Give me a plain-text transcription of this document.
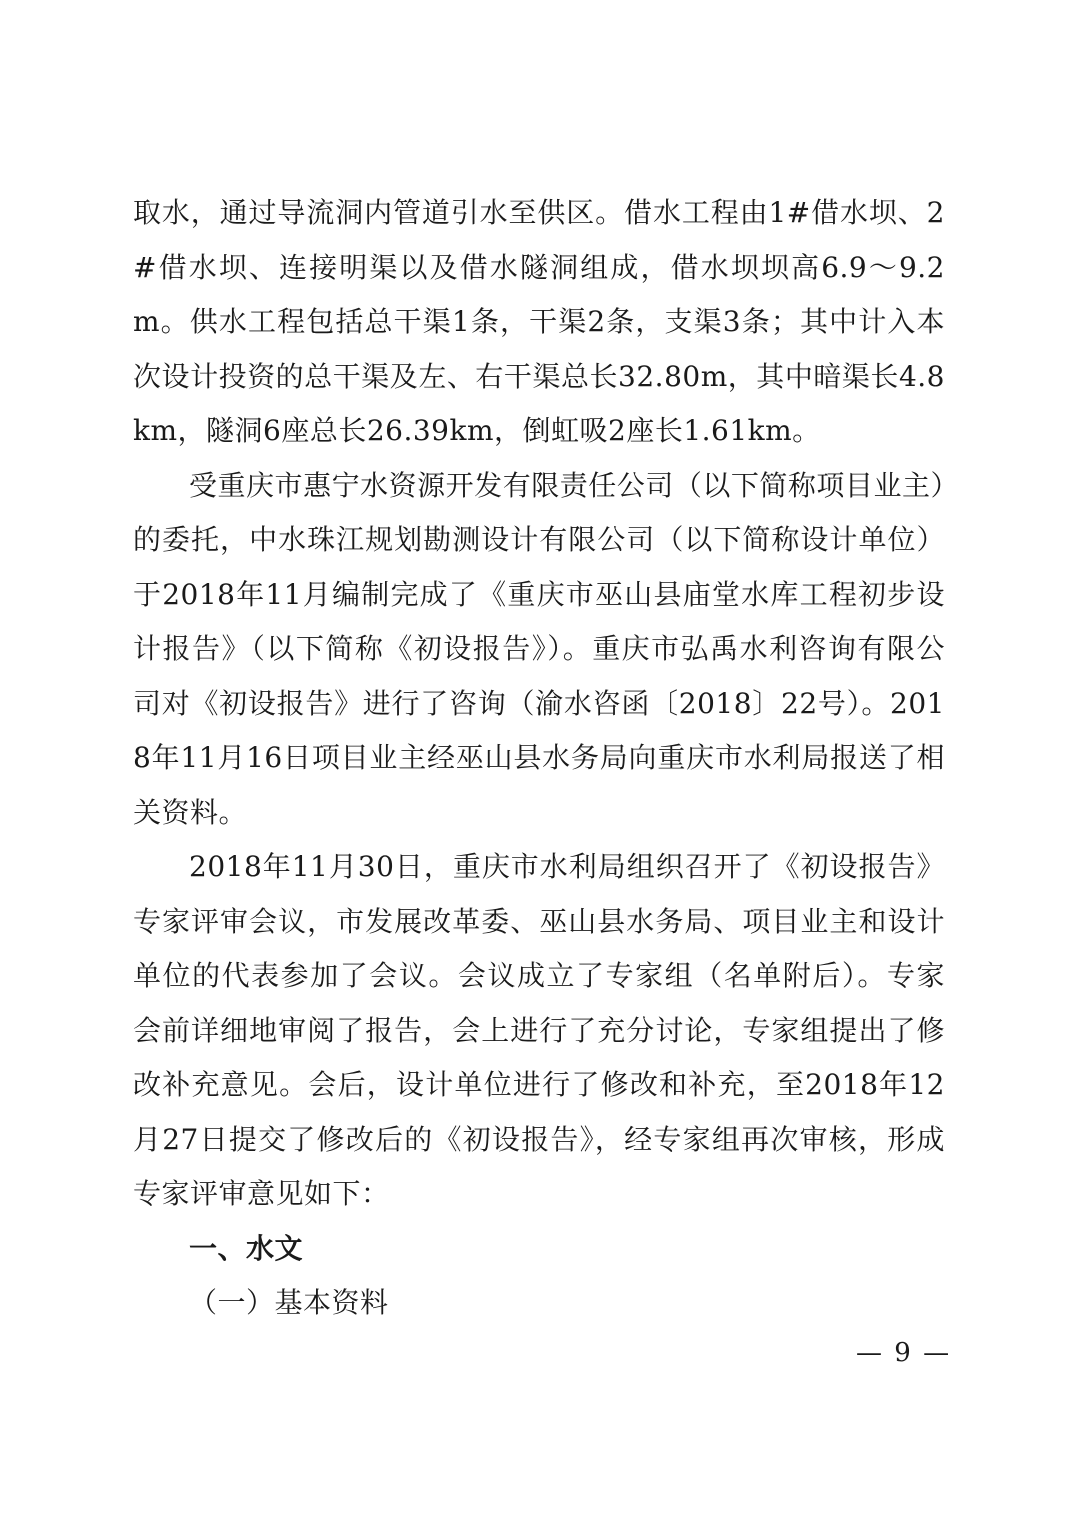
取水，通过导流洞内管道引水至供区。借水工程由1#借水坝、2#借水坝、连接明渠以及借水隧洞组成，借水坝坝高6.9～9.2m。供水工程包括总干渠1条，干渠2条，支渠3条；其中计入本次设计投资的总干渠及左、右干渠总长32.80m，其中暗渠长4.8km，隧洞6座总长26.39km，倒虹吸2座长1.61km。

受重庆市惠宁水资源开发有限责任公司（以下简称项目业主）的委托，中水珠江规划勘测设计有限公司（以下简称设计单位）于2018年11月编制完成了《重庆市巫山县庙堂水库工程初步设计报告》（以下简称《初设报告》）。重庆市弘禹水利咨询有限公司对《初设报告》进行了咨询（渝水咨函〔2018〕22号）。2018年11月16日项目业主经巫山县水务局向重庆市水利局报送了相关资料。

2018年11月30日，重庆市水利局组织召开了《初设报告》专家评审会议，市发展改革委、巫山县水务局、项目业主和设计单位的代表参加了会议。会议成立了专家组（名单附后）。专家会前详细地审阅了报告，会上进行了充分讨论，专家组提出了修改补充意见。会后，设计单位进行了修改和补充，至2018年12月27日提交了修改后的《初设报告》，经专家组再次审核，形成专家评审意见如下：

一、水文

（一）基本资料

— 9 —
